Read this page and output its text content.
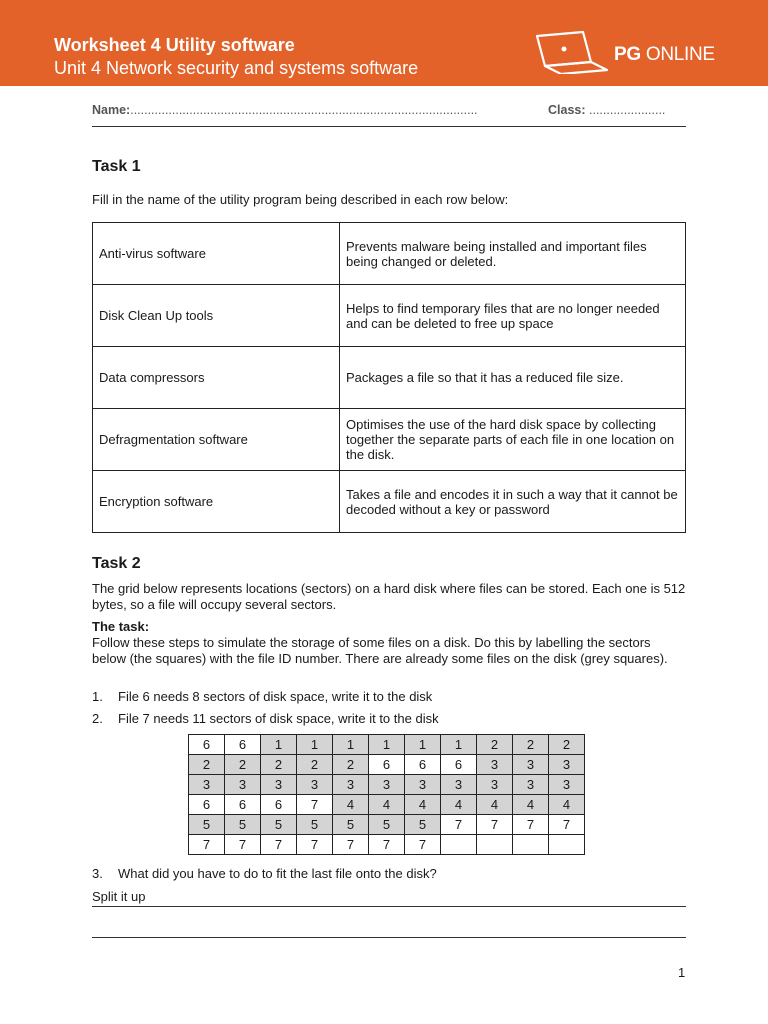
Worksheet 4 Utility software
Unit 4 Network security and systems software
PG ONLINE
Name:....................................................................................................	Class: ......................
Task 1

Fill in the name of the utility program being described in each row below:

Anti-virus software	Prevents malware being installed and important files being changed or deleted.
Disk Clean Up tools	Helps to find temporary files that are no longer needed and can be deleted to free up space
Data compressors	Packages a file so that it has a reduced file size.
Defragmentation software	Optimises the use of the hard disk space by collecting together the separate parts of each file in one location on the disk.
Encryption software	Takes a file and encodes it in such a way that it cannot be decoded without a key or password
Task 2

The grid below represents locations (sectors) on a hard disk where files can be stored. Each one is 512 bytes, so a file will occupy several sectors.

The task:

Follow these steps to simulate the storage of some files on a disk. Do this by labelling the sectors below (the squares) with the file ID number. There are already some files on the disk (grey squares).

1. File 6 needs 8 sectors of disk space, write it to the disk
2. File 7 needs 11 sectors of disk space, write it to the disk
6	6	1	1	1	1	1	1	2	2	2
2	2	2	2	2	6	6	6	3	3	3
3	3	3	3	3	3	3	3	3	3	3
6	6	6	7	4	4	4	4	4	4	4
5	5	5	5	5	5	5	7	7	7	7
7	7	7	7	7	7	7				
3. What did you have to do to fit the last file onto the disk?
Split it up
1
